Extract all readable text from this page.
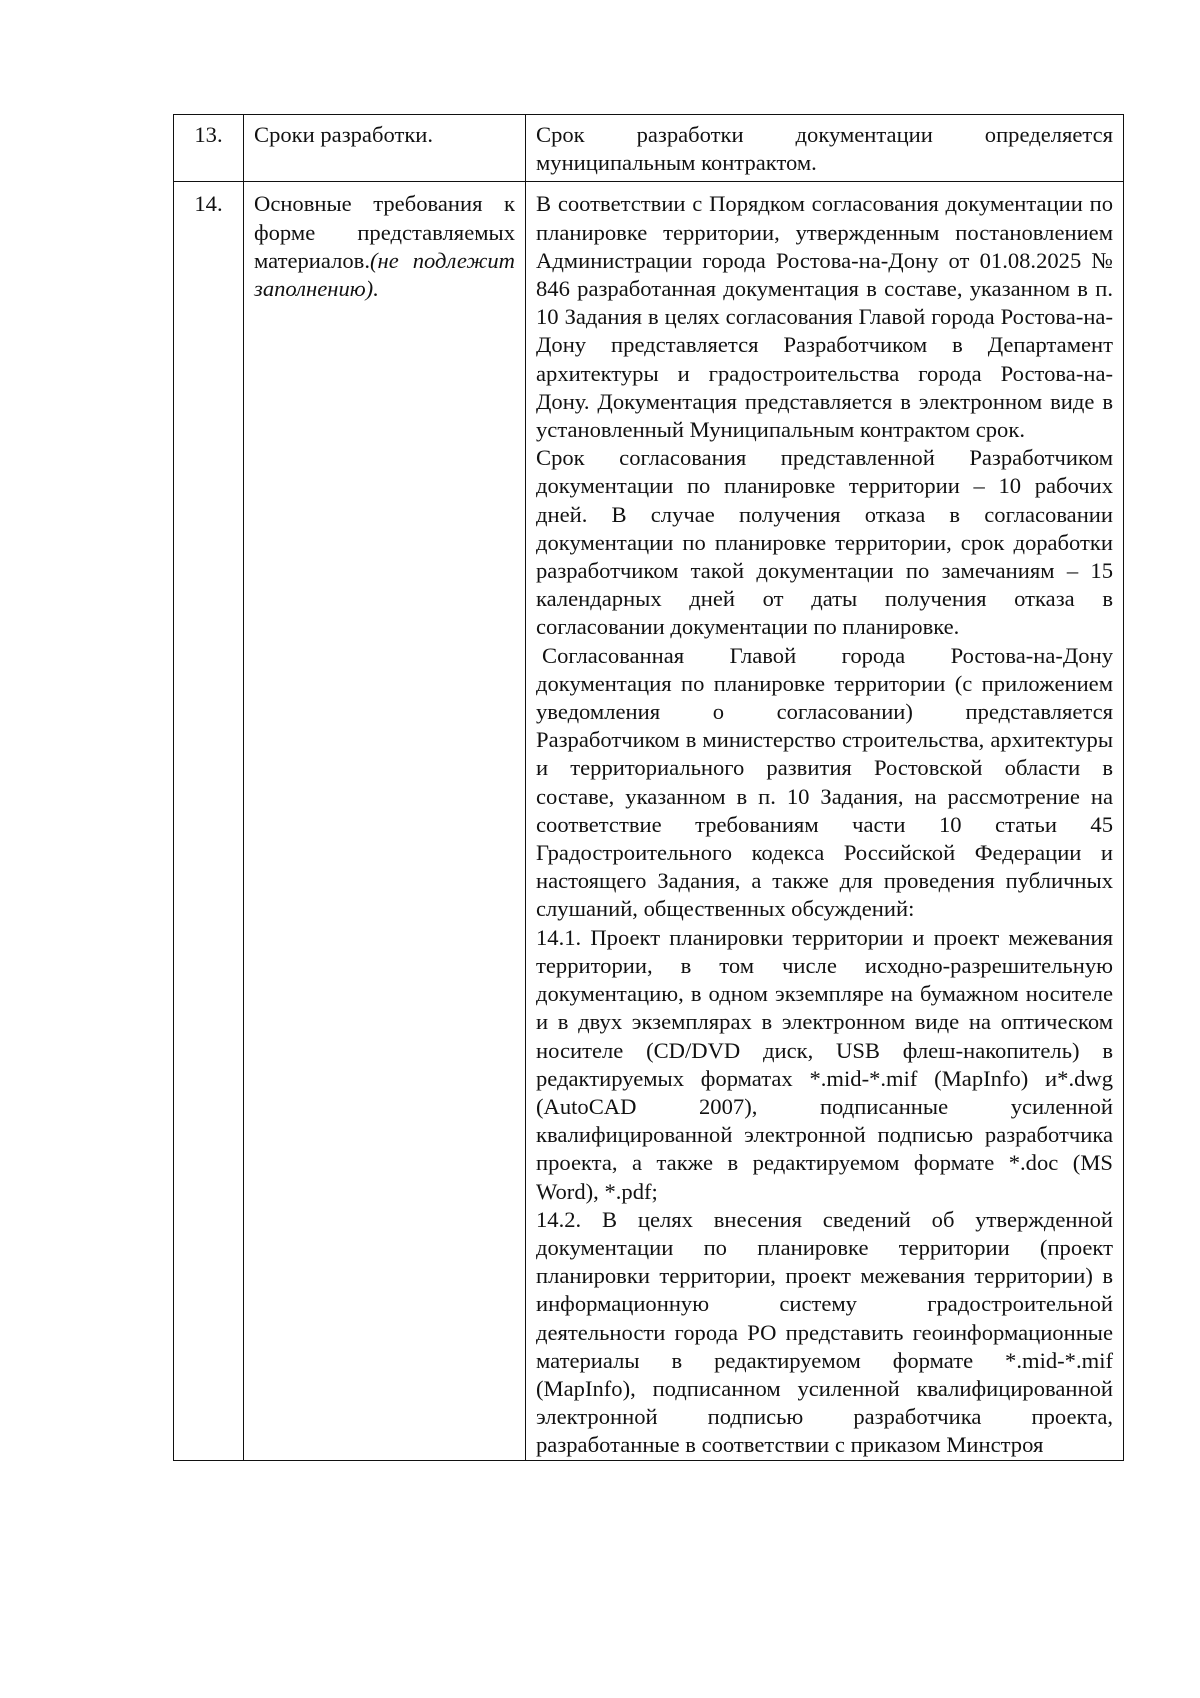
13.	Сроки разработки.	Срок разработки документации определяется муниципальным контрактом.

14.	Основные требования к форме представляемых материалов.(не подлежит заполнению).	В соответствии с Порядком согласования документации по планировке территории, утвержденным постановлением Администрации города Ростова-на-Дону от 01.08.2025 № 846 разработанная документация в составе, указанном в п. 10 Задания в целях согласования Главой города Ростова-на-Дону представляется Разработчиком в Департамент архитектуры и градостроительства города Ростова-на-Дону. Документация представляется в электронном виде в установленный Муниципальным контрактом срок.
Срок согласования представленной Разработчиком документации по планировке территории – 10 рабочих дней. В случае получения отказа в согласовании документации по планировке территории, срок доработки разработчиком такой документации по замечаниям – 15 календарных дней от даты получения отказа в согласовании документации по планировке.
Согласованная Главой города Ростова-на-Дону документация по планировке территории (с приложением уведомления о согласовании) представляется Разработчиком в министерство строительства, архитектуры и территориального развития Ростовской области в составе, указанном в п. 10 Задания, на рассмотрение на соответствие требованиям части 10 статьи 45 Градостроительного кодекса Российской Федерации и настоящего Задания, а также для проведения публичных слушаний, общественных обсуждений:
14.1. Проект планировки территории и проект межевания территории, в том числе исходно-разрешительную документацию, в одном экземпляре на бумажном носителе и в двух экземплярах в электронном виде на оптическом носителе (CD/DVD диск, USB флеш-накопитель) в редактируемых форматах *.mid-*.mif (MapInfo) и*.dwg (AutoCAD 2007), подписанные усиленной квалифицированной электронной подписью разработчика проекта, а также в редактируемом формате *.doc (MS Word), *.pdf;
14.2. В целях внесения сведений об утвержденной документации по планировке территории (проект планировки территории, проект межевания территории) в информационную систему градостроительной деятельности города РО представить геоинформационные материалы в редактируемом формате *.mid-*.mif (MapInfo), подписанном усиленной квалифицированной электронной подписью разработчика проекта, разработанные в соответствии с приказом Минстроя
